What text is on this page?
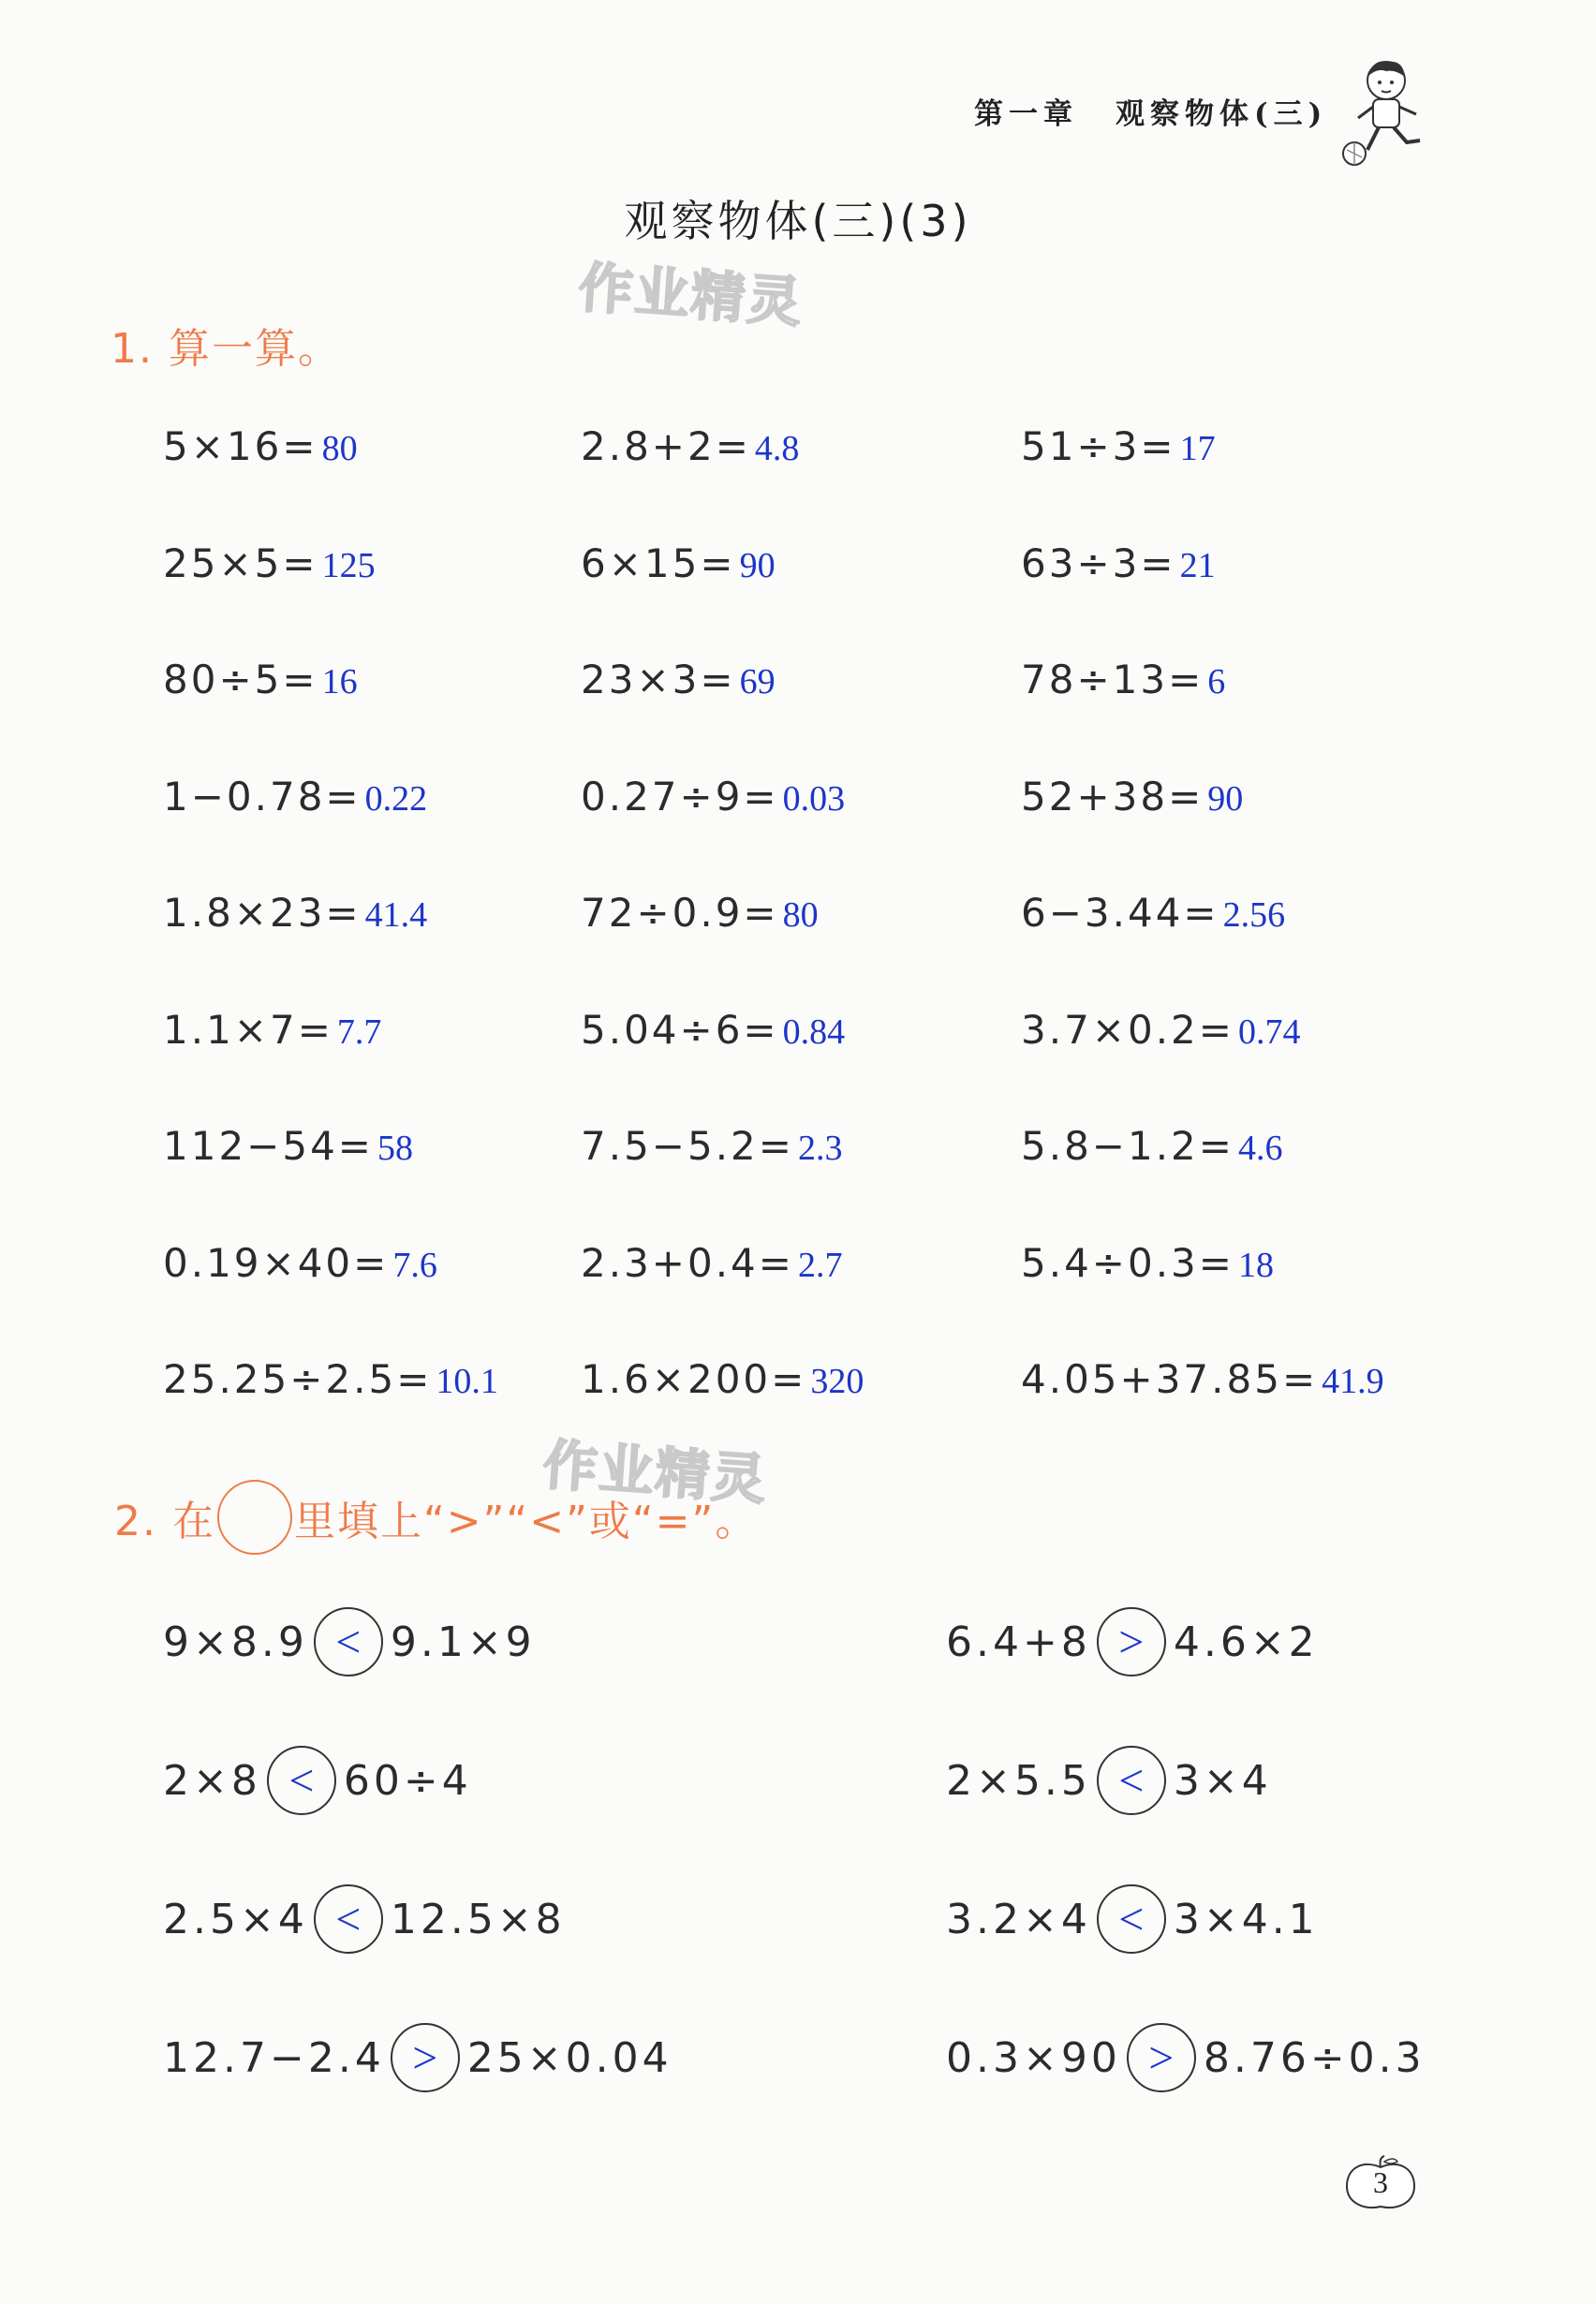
第一章 观察物体(三)
观察物体(三)(3)
作业精灵
1. 算一算。
5×16= 80	2.8+2= 4.8	51÷3= 17
25×5= 125	6×15= 90	63÷3= 21
80÷5= 16	23×3= 69	78÷13= 6
1−0.78= 0.22	0.27÷9= 0.03	52+38= 90
1.8×23= 41.4	72÷0.9= 80	6−3.44= 2.56
1.1×7= 7.7	5.04÷6= 0.84	3.7×0.2= 0.74
112−54= 58	7.5−5.2= 2.3	5.8−1.2= 4.6
0.19×40= 7.6	2.3+0.4= 2.7	5.4÷0.3= 18
25.25÷2.5= 10.1 1.6×200= 320	4.05+37.85= 41.9
作业精灵
2. 在 里填上“>”“<”或“=”。
9×8.9 < 9.1×9	6.4+8 > 4.6×2
2×8 < 60÷4	2×5.5 < 3×4
2.5×4 < 12.5×8	3.2×4 < 3×4.1
12.7−2.4 > 25×0.04	0.3×90 > 8.76÷0.3
3
